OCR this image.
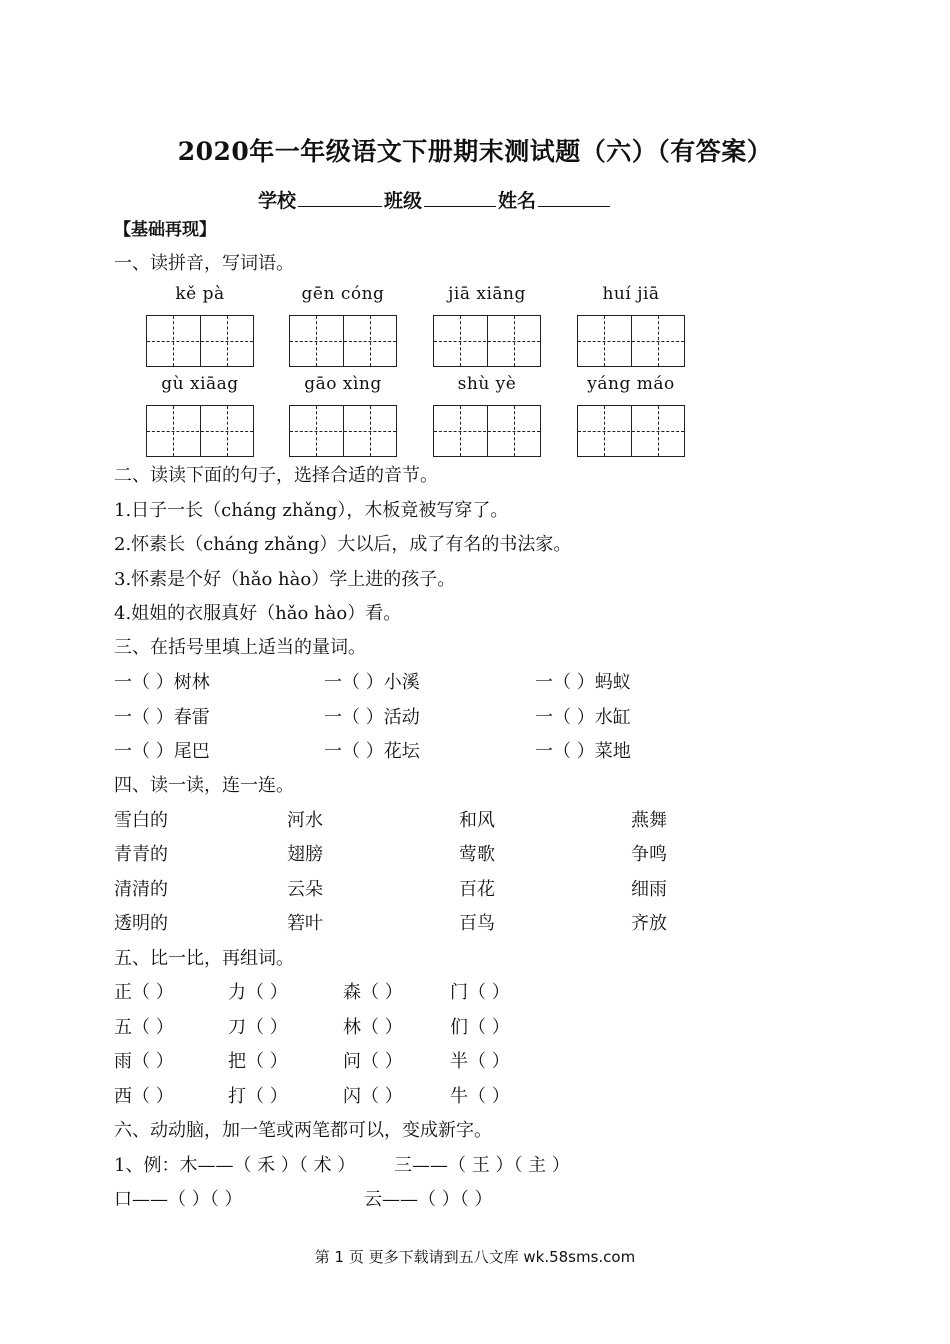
2020年一年级语文下册期末测试题（六）（有答案）
学校	班级	姓名
【基础再现】
一、读拼音，写词语。
kě pà	gēn cóng	jiā xiāng	huí jiā
gù xiāag	gāo xìng	shù yè	yáng máo
二、读读下面的句子，选择合适的音节。
1.日子一长（cháng zhǎng），木板竟被写穿了。
2.怀素长（cháng zhǎng）大以后，成了有名的书法家。
3.怀素是个好（hǎo hào）学上进的孩子。
4.姐姐的衣服真好（hǎo hào）看。
三、在括号里填上适当的量词。
一（ ）树林	一（ ）小溪	一（ ）蚂蚁
一（ ）春雷	一（ ）活动	一（ ）水缸
一（ ）尾巴	一（ ）花坛	一（ ）菜地
四、读一读，连一连。
雪白的	河水	和风	燕舞
青青的	翅膀	莺歌	争鸣
清清的	云朵	百花	细雨
透明的	箬叶	百鸟	齐放
五、比一比，再组词。
正（ ）	力（ ）	森（ ）	门（ ）
五（ ）	刀（ ）	林（ ）	们（ ）
雨（ ）	把（ ）	问（ ）	半（ ）
西（ ）	打（ ）	闪（ ）	牛（ ）
六、动动脑，加一笔或两笔都可以，变成新字。
1、例：木——（ 禾 ）（ 术 ） 三——（ 王 ）（ 主 ）
口——（ ）（ ）	云——（ ）（ ）
第 1 页 更多下载请到五八文库 wk.58sms.com
